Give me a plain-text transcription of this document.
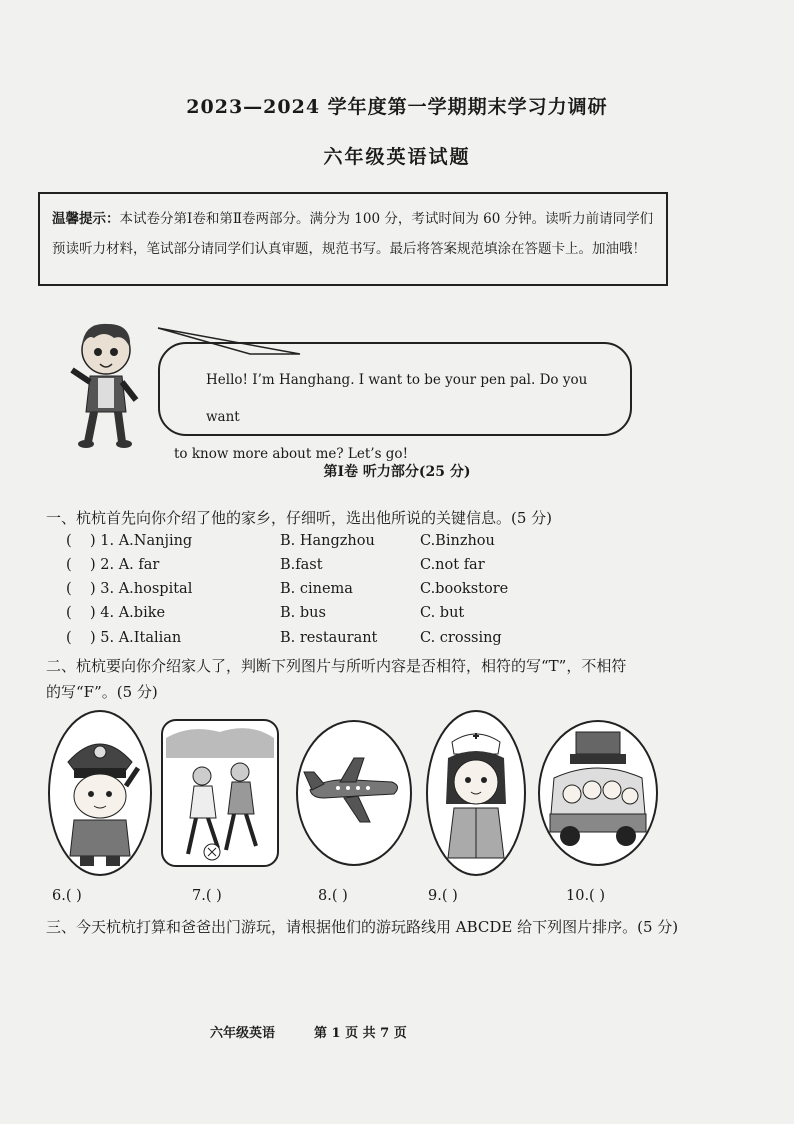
2023—2024 学年度第一学期期末学习力调研
六年级英语试题
温馨提示：本试卷分第Ⅰ卷和第Ⅱ卷两部分。满分为 100 分，考试时间为 60 分钟。读听力前请同学们预读听力材料，笔试部分请同学们认真审题，规范书写。最后将答案规范填涂在答题卡上。加油哦！
Hello! I’m Hanghang. I want to be your pen pal. Do you want
to know more about me? Let’s go!
第Ⅰ卷 听力部分(25 分)
一、杭杭首先向你介绍了他的家乡，仔细听，选出他所说的关键信息。(5 分)
( ) 1. A.Nanjing	B. Hangzhou	C.Binzhou
( ) 2. A. far	B.fast	C.not far
( ) 3. A.hospital	B. cinema	C.bookstore
( ) 4. A.bike	B. bus	C. but
( ) 5. A.Italian	B. restaurant	C. crossing
二、杭杭要向你介绍家人了，判断下列图片与所听内容是否相符，相符的写“T”，不相符
的写“F”。(5 分)
6.( )	7.( )	8.( )	9.( )	10.( )
三、今天杭杭打算和爸爸出门游玩，请根据他们的游玩路线用 ABCDE 给下列图片排序。(5 分)
六年级英语	第 1 页 共 7 页
